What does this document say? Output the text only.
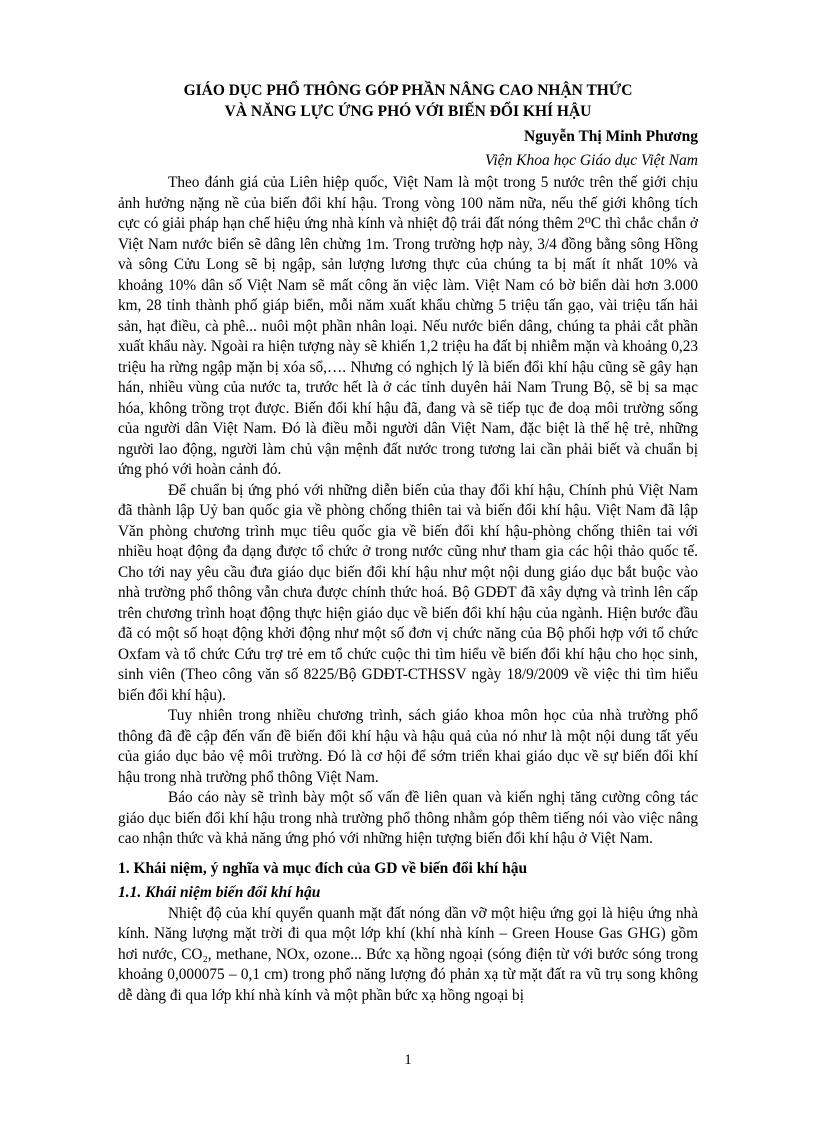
GIÁO DỤC PHỔ THÔNG GÓP PHẦN NÂNG CAO NHẬN THỨC

VÀ NĂNG LỰC ỨNG PHÓ VỚI BIẾN ĐỔI KHÍ HẬU

Nguyễn Thị Minh Phương

Viện Khoa học Giáo dục Việt Nam

Theo đánh giá của Liên hiệp quốc, Việt Nam là một trong 5 nước trên thế giới chịu ảnh hưởng nặng nề của biến đổi khí hậu. Trong vòng 100 năm nữa, nếu thế giới không tích cực có giải pháp hạn chế hiệu ứng nhà kính và nhiệt độ trái đất nóng thêm 2⁰C thì chắc chắn ở Việt Nam nước biển sẽ dâng lên chừng 1m. Trong trường hợp này, 3/4 đồng bằng sông Hồng và sông Cửu Long sẽ bị ngập, sản lượng lương thực của chúng ta bị mất ít nhất 10% và khoảng 10% dân số Việt Nam sẽ mất công ăn việc làm. Việt Nam có bờ biển dài hơn 3.000 km, 28 tỉnh thành phố giáp biển, mỗi năm xuất khẩu chừng 5 triệu tấn gạo, vài triệu tấn hải sản, hạt điều, cà phê... nuôi một phần nhân loại. Nếu nước biển dâng, chúng ta phải cắt phần xuất khẩu này. Ngoài ra hiện tượng này sẽ khiến 1,2 triệu ha đất bị nhiễm mặn và khoảng 0,23 triệu ha rừng ngập mặn bị xóa sổ,…. Nhưng có nghịch lý là biến đổi khí hậu cũng sẽ gây hạn hán, nhiều vùng của nước ta, trước hết là ở các tỉnh duyên hải Nam Trung Bộ, sẽ bị sa mạc hóa, không trồng trọt được. Biến đổi khí hậu đã, đang và sẽ tiếp tục đe doạ môi trường sống của người dân Việt Nam. Đó là điều mỗi người dân Việt Nam, đặc biệt là thế hệ trẻ, những người lao động, người làm chủ vận mệnh đất nước trong tương lai cần phải biết và chuẩn bị ứng phó với hoàn cảnh đó.

Để chuẩn bị ứng phó với những diễn biến của thay đổi khí hậu, Chính phủ Việt Nam đã thành lập Uỷ ban quốc gia về phòng chống thiên tai và biến đổi khí hậu. Việt Nam đã lập Văn phòng chương trình mục tiêu quốc gia về biến đổi khí hậu-phòng chống thiên tai với nhiều hoạt động đa dạng được tổ chức ở trong nước cũng như tham gia các hội thảo quốc tế. Cho tới nay yêu cầu đưa giáo dục biến đổi khí hậu như một nội dung giáo dục bắt buộc vào nhà trường phổ thông vẫn chưa được chính thức hoá. Bộ GDĐT đã xây dựng và trình lên cấp trên chương trình hoạt động thực hiện giáo dục về biến đổi khí hậu của ngành. Hiện bước đầu đã có một số hoạt động khởi động như một số đơn vị chức năng của Bộ phối hợp với tổ chức Oxfam và tổ chức Cứu trợ trẻ em tổ chức cuộc thi tìm hiểu về biến đổi khí hậu cho học sinh, sinh viên (Theo công văn số 8225/Bộ GDĐT-CTHSSV ngày 18/9/2009 về việc thi tìm hiểu biến đổi khí hậu).

Tuy nhiên trong nhiều chương trình, sách giáo khoa môn học của nhà trường phổ thông đã đề cập đến vấn đề biến đổi khí hậu và hậu quả của nó như là một nội dung tất yếu của giáo dục bảo vệ môi trường. Đó là cơ hội để sớm triển khai giáo dục về sự biến đổi khí hậu trong nhà trường phổ thông Việt Nam.

Báo cáo này sẽ trình bày một số vấn đề liên quan và kiến nghị tăng cường công tác giáo dục biến đổi khí hậu trong nhà trường phổ thông nhằm góp thêm tiếng nói vào việc nâng cao nhận thức và khả năng ứng phó với những hiện tượng biến đổi khí hậu ở Việt Nam.

1. Khái niệm, ý nghĩa và mục đích của GD về biến đổi khí hậu

1.1. Khái niệm biến đổi khí hậu

Nhiệt độ của khí quyển quanh mặt đất nóng dần vỡ một hiệu ứng gọi là hiệu ứng nhà kính. Năng lượng mặt trời đi qua một lớp khí (khí nhà kính – Green House Gas GHG) gồm hơi nước, CO₂, methane, NOx, ozone... Bức xạ hồng ngoại (sóng điện từ với bước sóng trong khoảng 0,000075 – 0,1 cm) trong phổ năng lượng đó phản xạ từ mặt đất ra vũ trụ song không dễ dàng đi qua lớp khí nhà kính và một phần bức xạ hồng ngoại bị

1
